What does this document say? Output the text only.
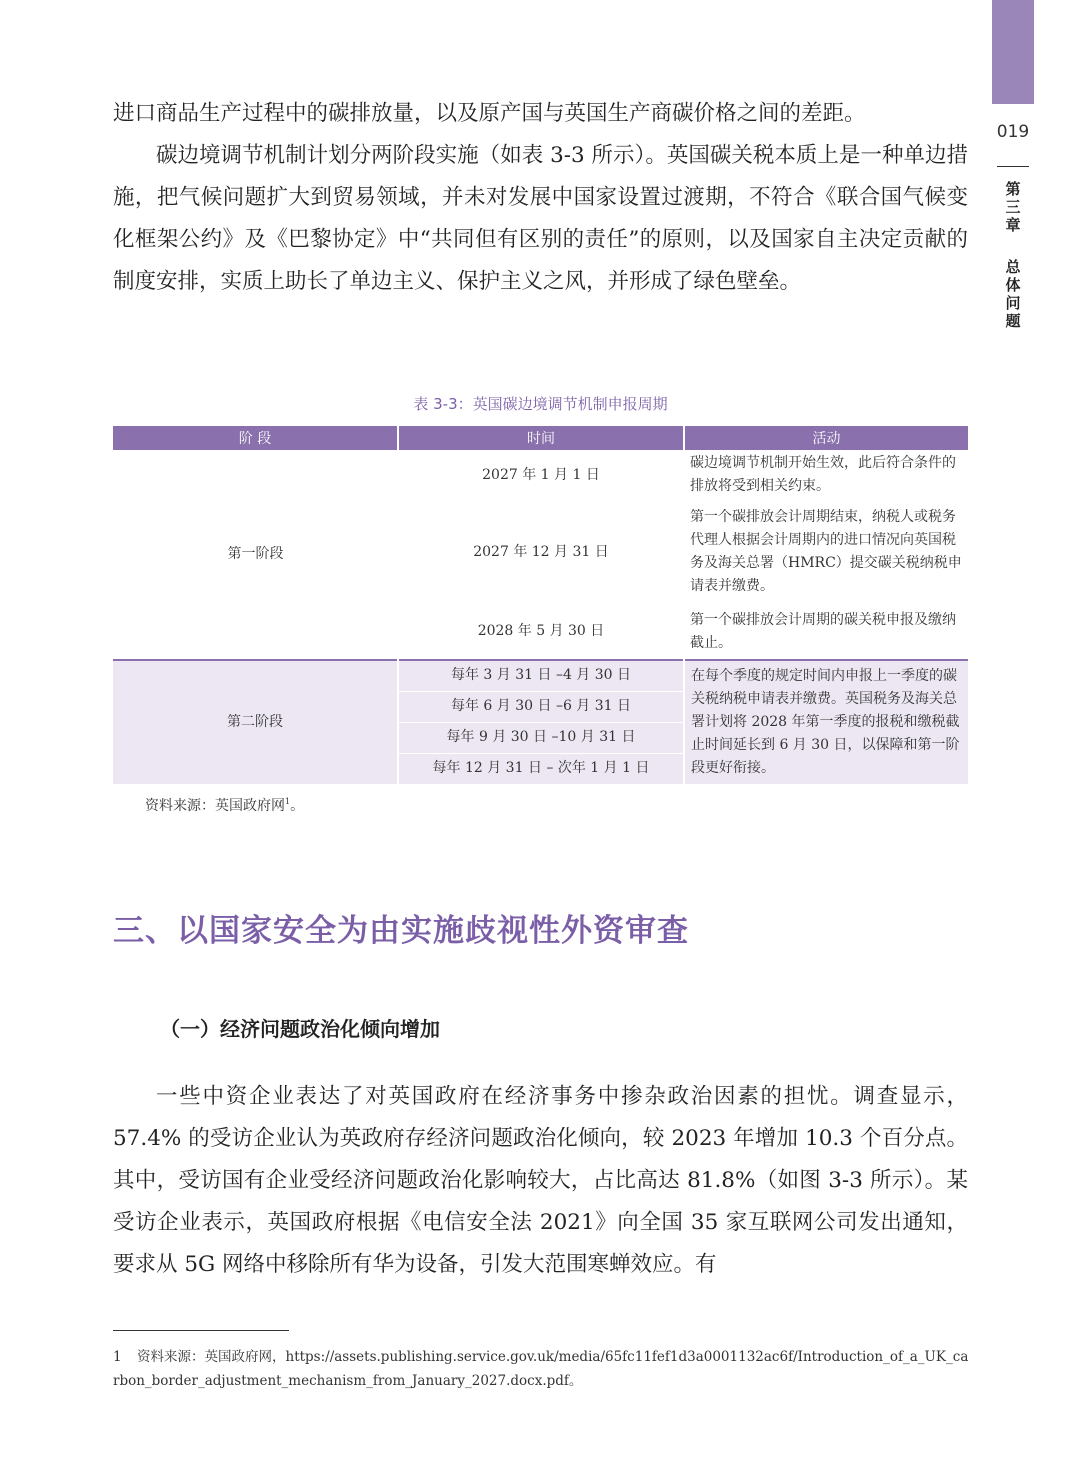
019
第
三
章
总
体
问
题

进口商品生产过程中的碳排放量，以及原产国与英国生产商碳价格之间的差距。

碳边境调节机制计划分两阶段实施（如表 3-3 所示）。英国碳关税本质上是一种单边措施，把气候问题扩大到贸易领域，并未对发展中国家设置过渡期，不符合《联合国气候变化框架公约》及《巴黎协定》中“共同但有区别的责任”的原则，以及国家自主决定贡献的制度安排，实质上助长了单边主义、保护主义之风，并形成了绿色壁垒。

表 3-3：英国碳边境调节机制申报周期
阶 段	时间	活动
第一阶段	2027 年 1 月 1 日	碳边境调节机制开始生效，此后符合条件的排放将受到相关约束。
	2027 年 12 月 31 日	第一个碳排放会计周期结束，纳税人或税务代理人根据会计周期内的进口情况向英国税务及海关总署（HMRC）提交碳关税纳税申请表并缴费。
	2028 年 5 月 30 日	第一个碳排放会计周期的碳关税申报及缴纳截止。
第二阶段	每年 3 月 31 日 –4 月 30 日	在每个季度的规定时间内申报上一季度的碳关税纳税申请表并缴费。英国税务及海关总署计划将 2028 年第一季度的报税和缴税截止时间延长到 6 月 30 日，以保障和第一阶段更好衔接。
	每年 6 月 30 日 –6 月 31 日	
	每年 9 月 30 日 –10 月 31 日	
	每年 12 月 31 日 – 次年 1 月 1 日	
资料来源：英国政府网$^1$。
三、以国家安全为由实施歧视性外资审查
（一）经济问题政治化倾向增加

一些中资企业表达了对英国政府在经济事务中掺杂政治因素的担忧。调查显示，57.4% 的受访企业认为英政府存经济问题政治化倾向，较 2023 年增加 10.3 个百分点。其中，受访国有企业受经济问题政治化影响较大，占比高达 81.8%（如图 3-3 所示）。某受访企业表示，英国政府根据《电信安全法 2021》向全国 35 家互联网公司发出通知，要求从 5G 网络中移除所有华为设备，引发大范围寒蝉效应。有

1 资料来源：英国政府网，https://assets.publishing.service.gov.uk/media/65fc11fef1d3a0001132ac6f/Introduction_of_a_UK_carbon_border_adjustment_mechanism_from_January_2027.docx.pdf。
